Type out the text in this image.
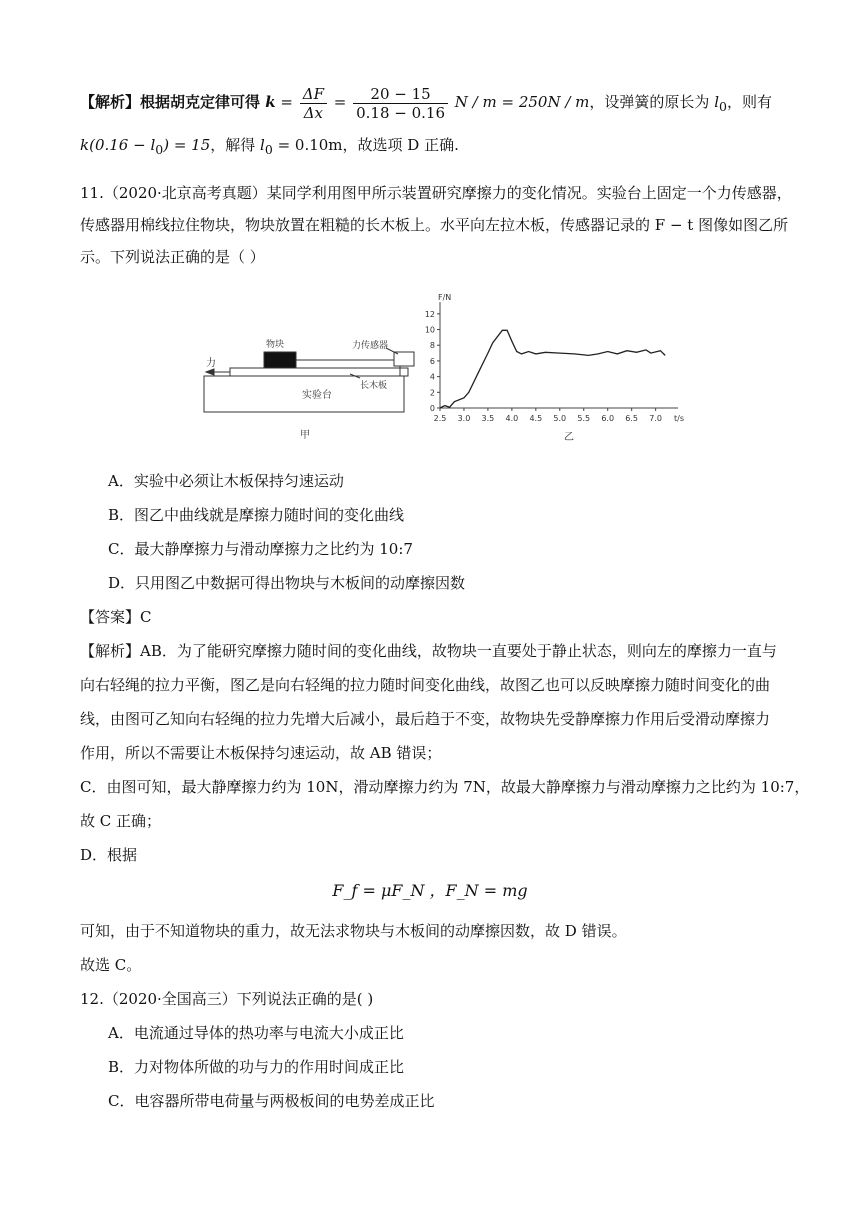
【解析】根据胡克定律可得 $k = \frac{\Delta F}{\Delta x} = \frac{20 - 15}{0.18 - 0.16}$ N / m = 250N / m，设弹簧的原长为 $l_0$，则有
$k(0.16 - l_0) = 15$，解得 $l_0 = 0.10m$，故选项 D 正确.
11.（2020·北京高考真题）某同学利用图甲所示装置研究摩擦力的变化情况。实验台上固定一个力传感器，
传感器用棉线拉住物块，物块放置在粗糙的长木板上。水平向左拉木板，传感器记录的 F − t 图像如图乙所
示。下列说法正确的是（ ）
物块	力传感器
力
长木板
实验台
甲
0
2
4
6
8
10
12
2.5 3.0 3.5 4.0 4.5 5.0 5.5 6.0 6.5 7.0
F/N
t/s
乙
A．实验中必须让木板保持匀速运动
B．图乙中曲线就是摩擦力随时间的变化曲线
C．最大静摩擦力与滑动摩擦力之比约为 10:7
D．只用图乙中数据可得出物块与木板间的动摩擦因数
【答案】C
【解析】AB．为了能研究摩擦力随时间的变化曲线，故物块一直要处于静止状态，则向左的摩擦力一直与
向右轻绳的拉力平衡，图乙是向右轻绳的拉力随时间变化曲线，故图乙也可以反映摩擦力随时间变化的曲
线，由图可乙知向右轻绳的拉力先增大后减小，最后趋于不变，故物块先受静摩擦力作用后受滑动摩擦力
作用，所以不需要让木板保持匀速运动，故 AB 错误；
C．由图可知，最大静摩擦力约为 10N，滑动摩擦力约为 7N，故最大静摩擦力与滑动摩擦力之比约为 10:7，
故 C 正确；
D．根据
F_f = μF_N ，F_N = mg
可知，由于不知道物块的重力，故无法求物块与木板间的动摩擦因数，故 D 错误。
故选 C。
12.（2020·全国高三）下列说法正确的是( )
A．电流通过导体的热功率与电流大小成正比
B．力对物体所做的功与力的作用时间成正比
C．电容器所带电荷量与两极板间的电势差成正比
